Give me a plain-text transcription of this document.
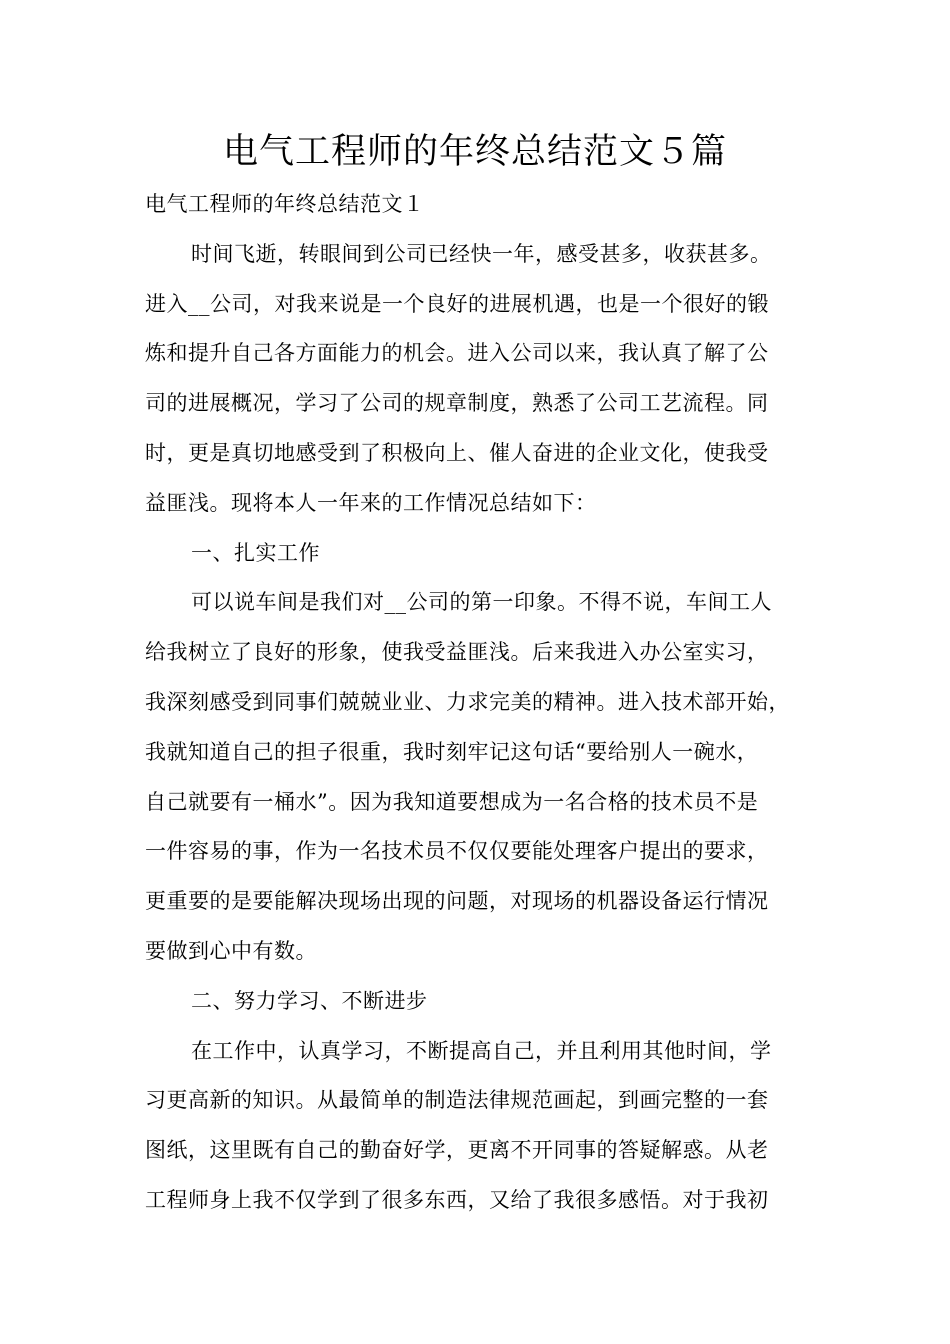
电气工程师的年终总结范文５篇
电气工程师的年终总结范文１
时间飞逝，转眼间到公司已经快一年，感受甚多，收获甚多。
进入__公司，对我来说是一个良好的进展机遇，也是一个很好的锻
炼和提升自己各方面能力的机会。进入公司以来，我认真了解了公
司的进展概况，学习了公司的规章制度，熟悉了公司工艺流程。同
时，更是真切地感受到了积极向上、催人奋进的企业文化，使我受
益匪浅。现将本人一年来的工作情况总结如下：
一、扎实工作
可以说车间是我们对__公司的第一印象。不得不说，车间工人
给我树立了良好的形象，使我受益匪浅。后来我进入办公室实习，
我深刻感受到同事们兢兢业业、力求完美的精神。进入技术部开始，
我就知道自己的担子很重，我时刻牢记这句话“要给别人一碗水，
自己就要有一桶水”。因为我知道要想成为一名合格的技术员不是
一件容易的事，作为一名技术员不仅仅要能处理客户提出的要求，
更重要的是要能解决现场出现的问题，对现场的机器设备运行情况
要做到心中有数。
二、努力学习、不断进步
在工作中，认真学习，不断提高自己，并且利用其他时间，学
习更高新的知识。从最简单的制造法律规范画起，到画完整的一套
图纸，这里既有自己的勤奋好学，更离不开同事的答疑解惑。从老
工程师身上我不仅学到了很多东西，又给了我很多感悟。对于我初
